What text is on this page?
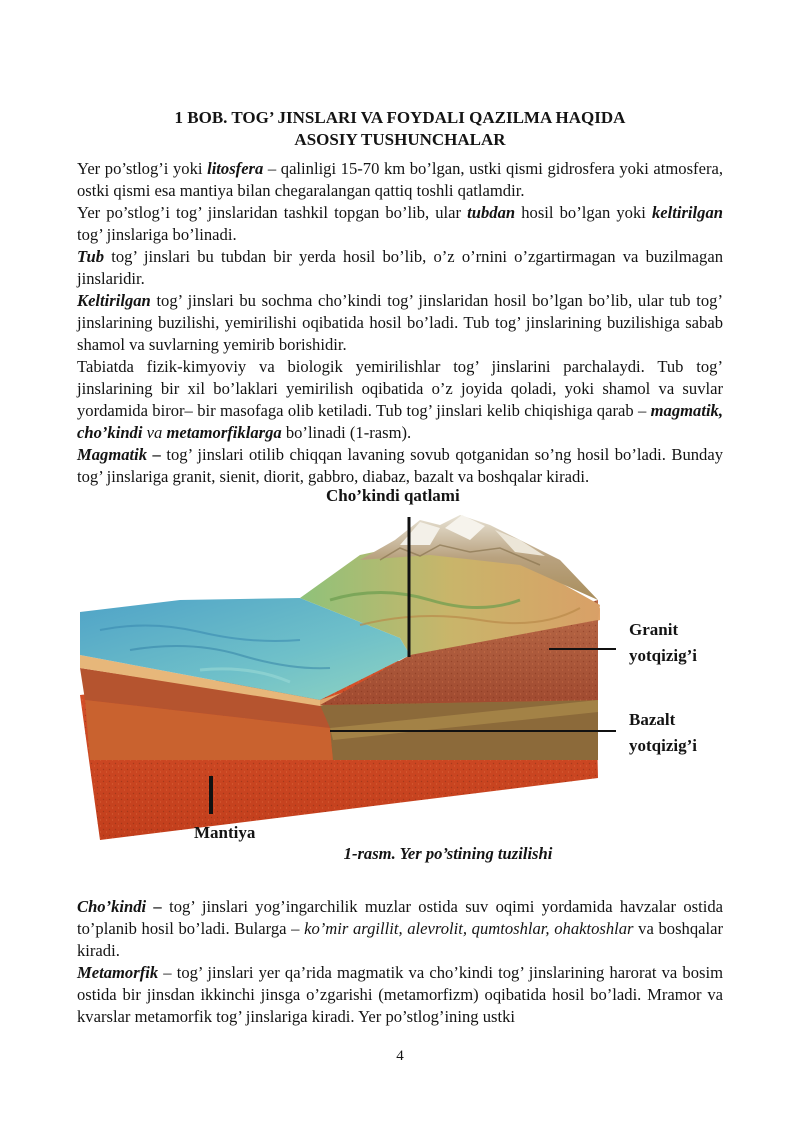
1 BOB. TOG’ JINSLARI VA FOYDALI QAZILMA HAQIDA
ASOSIY TUSHUNCHALAR

Yer po’stlog’i yoki litosfera – qalinligi 15-70 km bo’lgan, ustki qismi gidrosfera yoki atmosfera, ostki qismi esa mantiya bilan chegaralangan qattiq toshli qatlamdir.

Yer po’stlog’i tog’ jinslaridan tashkil topgan bo’lib, ular tubdan hosil bo’lgan yoki keltirilgan tog’ jinslariga bo’linadi.

Tub tog’ jinslari bu tubdan bir yerda hosil bo’lib, o’z o’rnini o’zgartirmagan va buzilmagan jinslaridir.

Keltirilgan tog’ jinslari bu sochma cho’kindi tog’ jinslaridan hosil bo’lgan bo’lib, ular tub tog’ jinslarining buzilishi, yemirilishi oqibatida hosil bo’ladi. Tub tog’ jinslarining buzilishiga sabab shamol va suvlarning yemirib borishidir.

Tabiatda fizik-kimyoviy va biologik yemirilishlar tog’ jinslarini parchalaydi. Tub tog’ jinslarining bir xil bo’laklari yemirilish oqibatida o’z joyida qoladi, yoki shamol va suvlar yordamida biror– bir masofaga olib ketiladi. Tub tog’ jinslari kelib chiqishiga qarab – magmatik, cho’kindi va metamorfiklarga bo’linadi (1-rasm).

Magmatik – tog’ jinslari otilib chiqqan lavaning sovub qotganidan so’ng hosil bo’ladi. Bunday tog’ jinslariga granit, sienit, diorit, gabbro, diabaz, bazalt va boshqalar kiradi.

Cho’kindi qatlami
Granit
yotqizig’i
Bazalt
yotqizig’i
Mantiya
1-rasm. Yer po’stining tuzilishi

Cho’kindi – tog’ jinslari yog’ingarchilik muzlar ostida suv oqimi yordamida havzalar ostida to’planib hosil bo’ladi. Bularga – ko’mir argillit, alevrolit, qumtoshlar, ohaktoshlar va boshqalar kiradi.

Metamorfik – tog’ jinslari yer qa’rida magmatik va cho’kindi tog’ jinslarining harorat va bosim ostida bir jinsdan ikkinchi jinsga o’zgarishi (metamorfizm) oqibatida hosil bo’ladi. Mramor va kvarslar metamorfik tog’ jinslariga kiradi. Yer po’stlog’ining ustki

4
